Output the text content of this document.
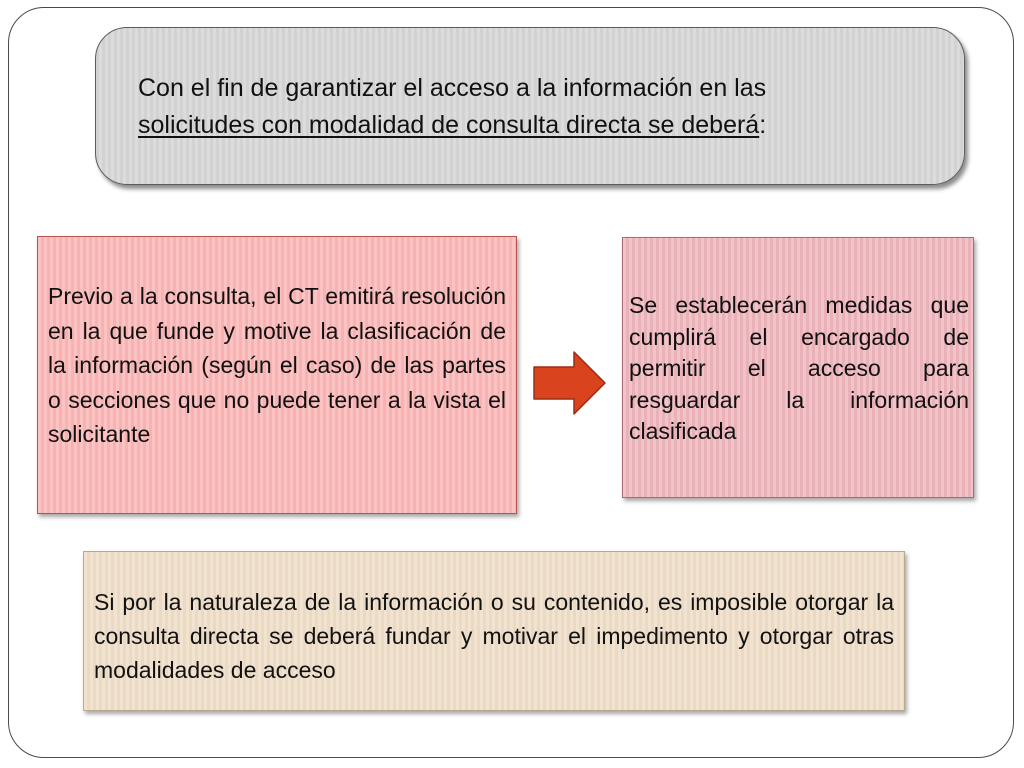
Con el fin de garantizar el acceso a la información en las
solicitudes con modalidad de consulta directa se deberá:

Previo a la consulta, el CT emitirá resolución en la que funde y motive la clasificación de la información (según el caso) de las partes o secciones que no puede tener a la vista el solicitante

Se establecerán medidas que cumplirá el encargado de permitir el acceso para resguardar la información clasificada

Si por la naturaleza de la información o su contenido, es imposible otorgar la consulta directa se deberá fundar y motivar el impedimento y otorgar otras modalidades de acceso
